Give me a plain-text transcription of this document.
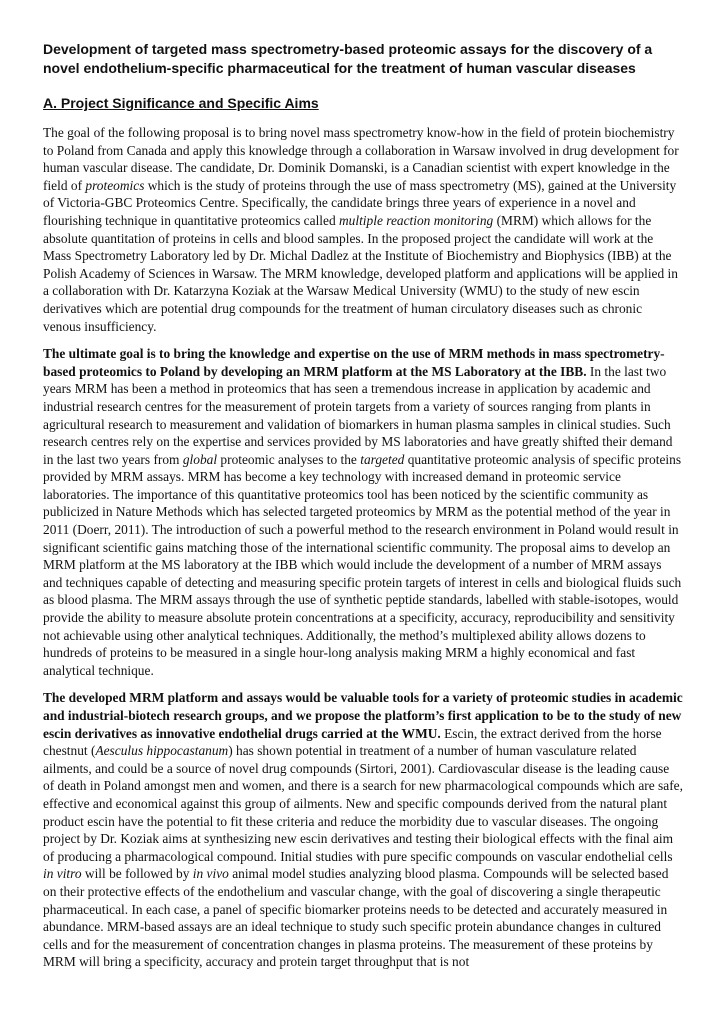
Development of targeted mass spectrometry-based proteomic assays for the discovery of a novel endothelium-specific pharmaceutical for the treatment of human vascular diseases
A. Project Significance and Specific Aims

The goal of the following proposal is to bring novel mass spectrometry know-how in the field of protein biochemistry to Poland from Canada and apply this knowledge through a collaboration in Warsaw involved in drug development for human vascular disease. The candidate, Dr. Dominik Domanski, is a Canadian scientist with expert knowledge in the field of proteomics which is the study of proteins through the use of mass spectrometry (MS), gained at the University of Victoria-GBC Proteomics Centre. Specifically, the candidate brings three years of experience in a novel and flourishing technique in quantitative proteomics called multiple reaction monitoring (MRM) which allows for the absolute quantitation of proteins in cells and blood samples. In the proposed project the candidate will work at the Mass Spectrometry Laboratory led by Dr. Michal Dadlez at the Institute of Biochemistry and Biophysics (IBB) at the Polish Academy of Sciences in Warsaw. The MRM knowledge, developed platform and applications will be applied in a collaboration with Dr. Katarzyna Koziak at the Warsaw Medical University (WMU) to the study of new escin derivatives which are potential drug compounds for the treatment of human circulatory diseases such as chronic venous insufficiency.

The ultimate goal is to bring the knowledge and expertise on the use of MRM methods in mass spectrometry-based proteomics to Poland by developing an MRM platform at the MS Laboratory at the IBB. In the last two years MRM has been a method in proteomics that has seen a tremendous increase in application by academic and industrial research centres for the measurement of protein targets from a variety of sources ranging from plants in agricultural research to measurement and validation of biomarkers in human plasma samples in clinical studies. Such research centres rely on the expertise and services provided by MS laboratories and have greatly shifted their demand in the last two years from global proteomic analyses to the targeted quantitative proteomic analysis of specific proteins provided by MRM assays. MRM has become a key technology with increased demand in proteomic service laboratories. The importance of this quantitative proteomics tool has been noticed by the scientific community as publicized in Nature Methods which has selected targeted proteomics by MRM as the potential method of the year in 2011 (Doerr, 2011). The introduction of such a powerful method to the research environment in Poland would result in significant scientific gains matching those of the international scientific community. The proposal aims to develop an MRM platform at the MS laboratory at the IBB which would include the development of a number of MRM assays and techniques capable of detecting and measuring specific protein targets of interest in cells and biological fluids such as blood plasma. The MRM assays through the use of synthetic peptide standards, labelled with stable-isotopes, would provide the ability to measure absolute protein concentrations at a specificity, accuracy, reproducibility and sensitivity not achievable using other analytical techniques. Additionally, the method’s multiplexed ability allows dozens to hundreds of proteins to be measured in a single hour-long analysis making MRM a highly economical and fast analytical technique.

The developed MRM platform and assays would be valuable tools for a variety of proteomic studies in academic and industrial-biotech research groups, and we propose the platform’s first application to be to the study of new escin derivatives as innovative endothelial drugs carried at the WMU. Escin, the extract derived from the horse chestnut (Aesculus hippocastanum) has shown potential in treatment of a number of human vasculature related ailments, and could be a source of novel drug compounds (Sirtori, 2001). Cardiovascular disease is the leading cause of death in Poland amongst men and women, and there is a search for new pharmacological compounds which are safe, effective and economical against this group of ailments. New and specific compounds derived from the natural plant product escin have the potential to fit these criteria and reduce the morbidity due to vascular diseases. The ongoing project by Dr. Koziak aims at synthesizing new escin derivatives and testing their biological effects with the final aim of producing a pharmacological compound. Initial studies with pure specific compounds on vascular endothelial cells in vitro will be followed by in vivo animal model studies analyzing blood plasma. Compounds will be selected based on their protective effects of the endothelium and vascular change, with the goal of discovering a single therapeutic pharmaceutical. In each case, a panel of specific biomarker proteins needs to be detected and accurately measured in abundance. MRM-based assays are an ideal technique to study such specific protein abundance changes in cultured cells and for the measurement of concentration changes in plasma proteins. The measurement of these proteins by MRM will bring a specificity, accuracy and protein target throughput that is not
